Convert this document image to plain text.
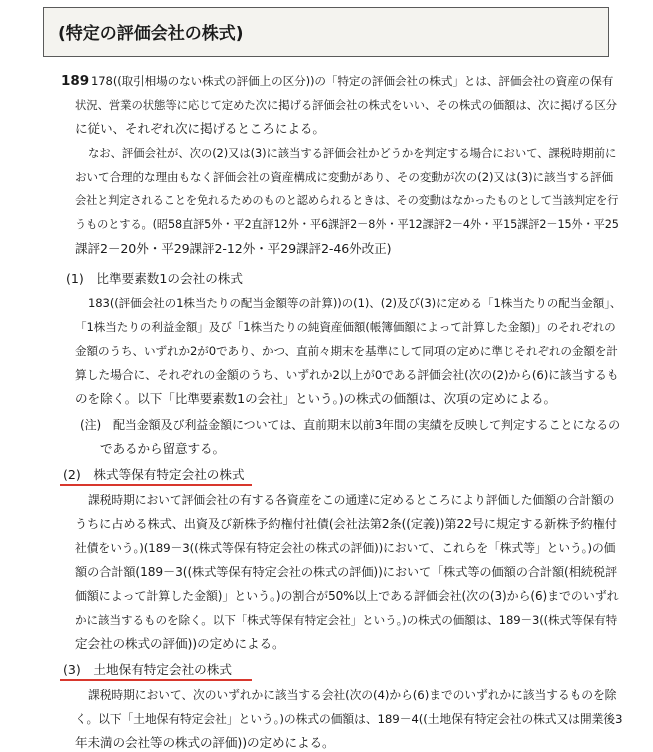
(特定の評価会社の株式)
189 178((取引相場のない株式の評価上の区分))の「特定の評価会社の株式」とは、評価会社の資産の保有
状況、営業の状態等に応じて定めた次に掲げる評価会社の株式をいい、その株式の価額は、次に掲げる区分
に従い、それぞれ次に掲げるところによる。
なお、評価会社が、次の(2)又は(3)に該当する評価会社かどうかを判定する場合において、課税時期前に
おいて合理的な理由もなく評価会社の資産構成に変動があり、その変動が次の(2)又は(3)に該当する評価
会社と判定されることを免れるためのものと認められるときは、その変動はなかったものとして当該判定を行
うものとする。(昭58直評5外・平2直評12外・平6課評2－8外・平12課評2－4外・平15課評2－15外・平25
課評2－20外・平29課評2-12外・平29課評2-46外改正)
(1)　比準要素数1の会社の株式
183((評価会社の1株当たりの配当金額等の計算))の(1)、(2)及び(3)に定める「1株当たりの配当金額」、
「1株当たりの利益金額」及び「1株当たりの純資産価額(帳簿価額によって計算した金額)」のそれぞれの
金額のうち、いずれか2が0であり、かつ、直前々期末を基準にして同項の定めに準じそれぞれの金額を計
算した場合に、それぞれの金額のうち、いずれか2以上が0である評価会社(次の(2)から(6)に該当するも
のを除く。以下「比準要素数1の会社」という。)の株式の価額は、次項の定めによる。
(注)　配当金額及び利益金額については、直前期末以前3年間の実績を反映して判定することになるの
であるから留意する。
(2)　株式等保有特定会社の株式
課税時期において評価会社の有する各資産をこの通達に定めるところにより評価した価額の合計額の
うちに占める株式、出資及び新株予約権付社債(会社法第2条((定義))第22号に規定する新株予約権付
社債をいう。)(189－3((株式等保有特定会社の株式の評価))において、これらを「株式等」という。)の価
額の合計額(189－3((株式等保有特定会社の株式の評価))において「株式等の価額の合計額(相続税評
価額によって計算した金額)」という。)の割合が50%以上である評価会社(次の(3)から(6)までのいずれ
かに該当するものを除く。以下「株式等保有特定会社」という。)の株式の価額は、189－3((株式等保有特
定会社の株式の評価))の定めによる。
(3)　土地保有特定会社の株式
課税時期において、次のいずれかに該当する会社(次の(4)から(6)までのいずれかに該当するものを除
く。以下「土地保有特定会社」という。)の株式の価額は、189－4((土地保有特定会社の株式又は開業後3
年未満の会社等の株式の評価))の定めによる。
